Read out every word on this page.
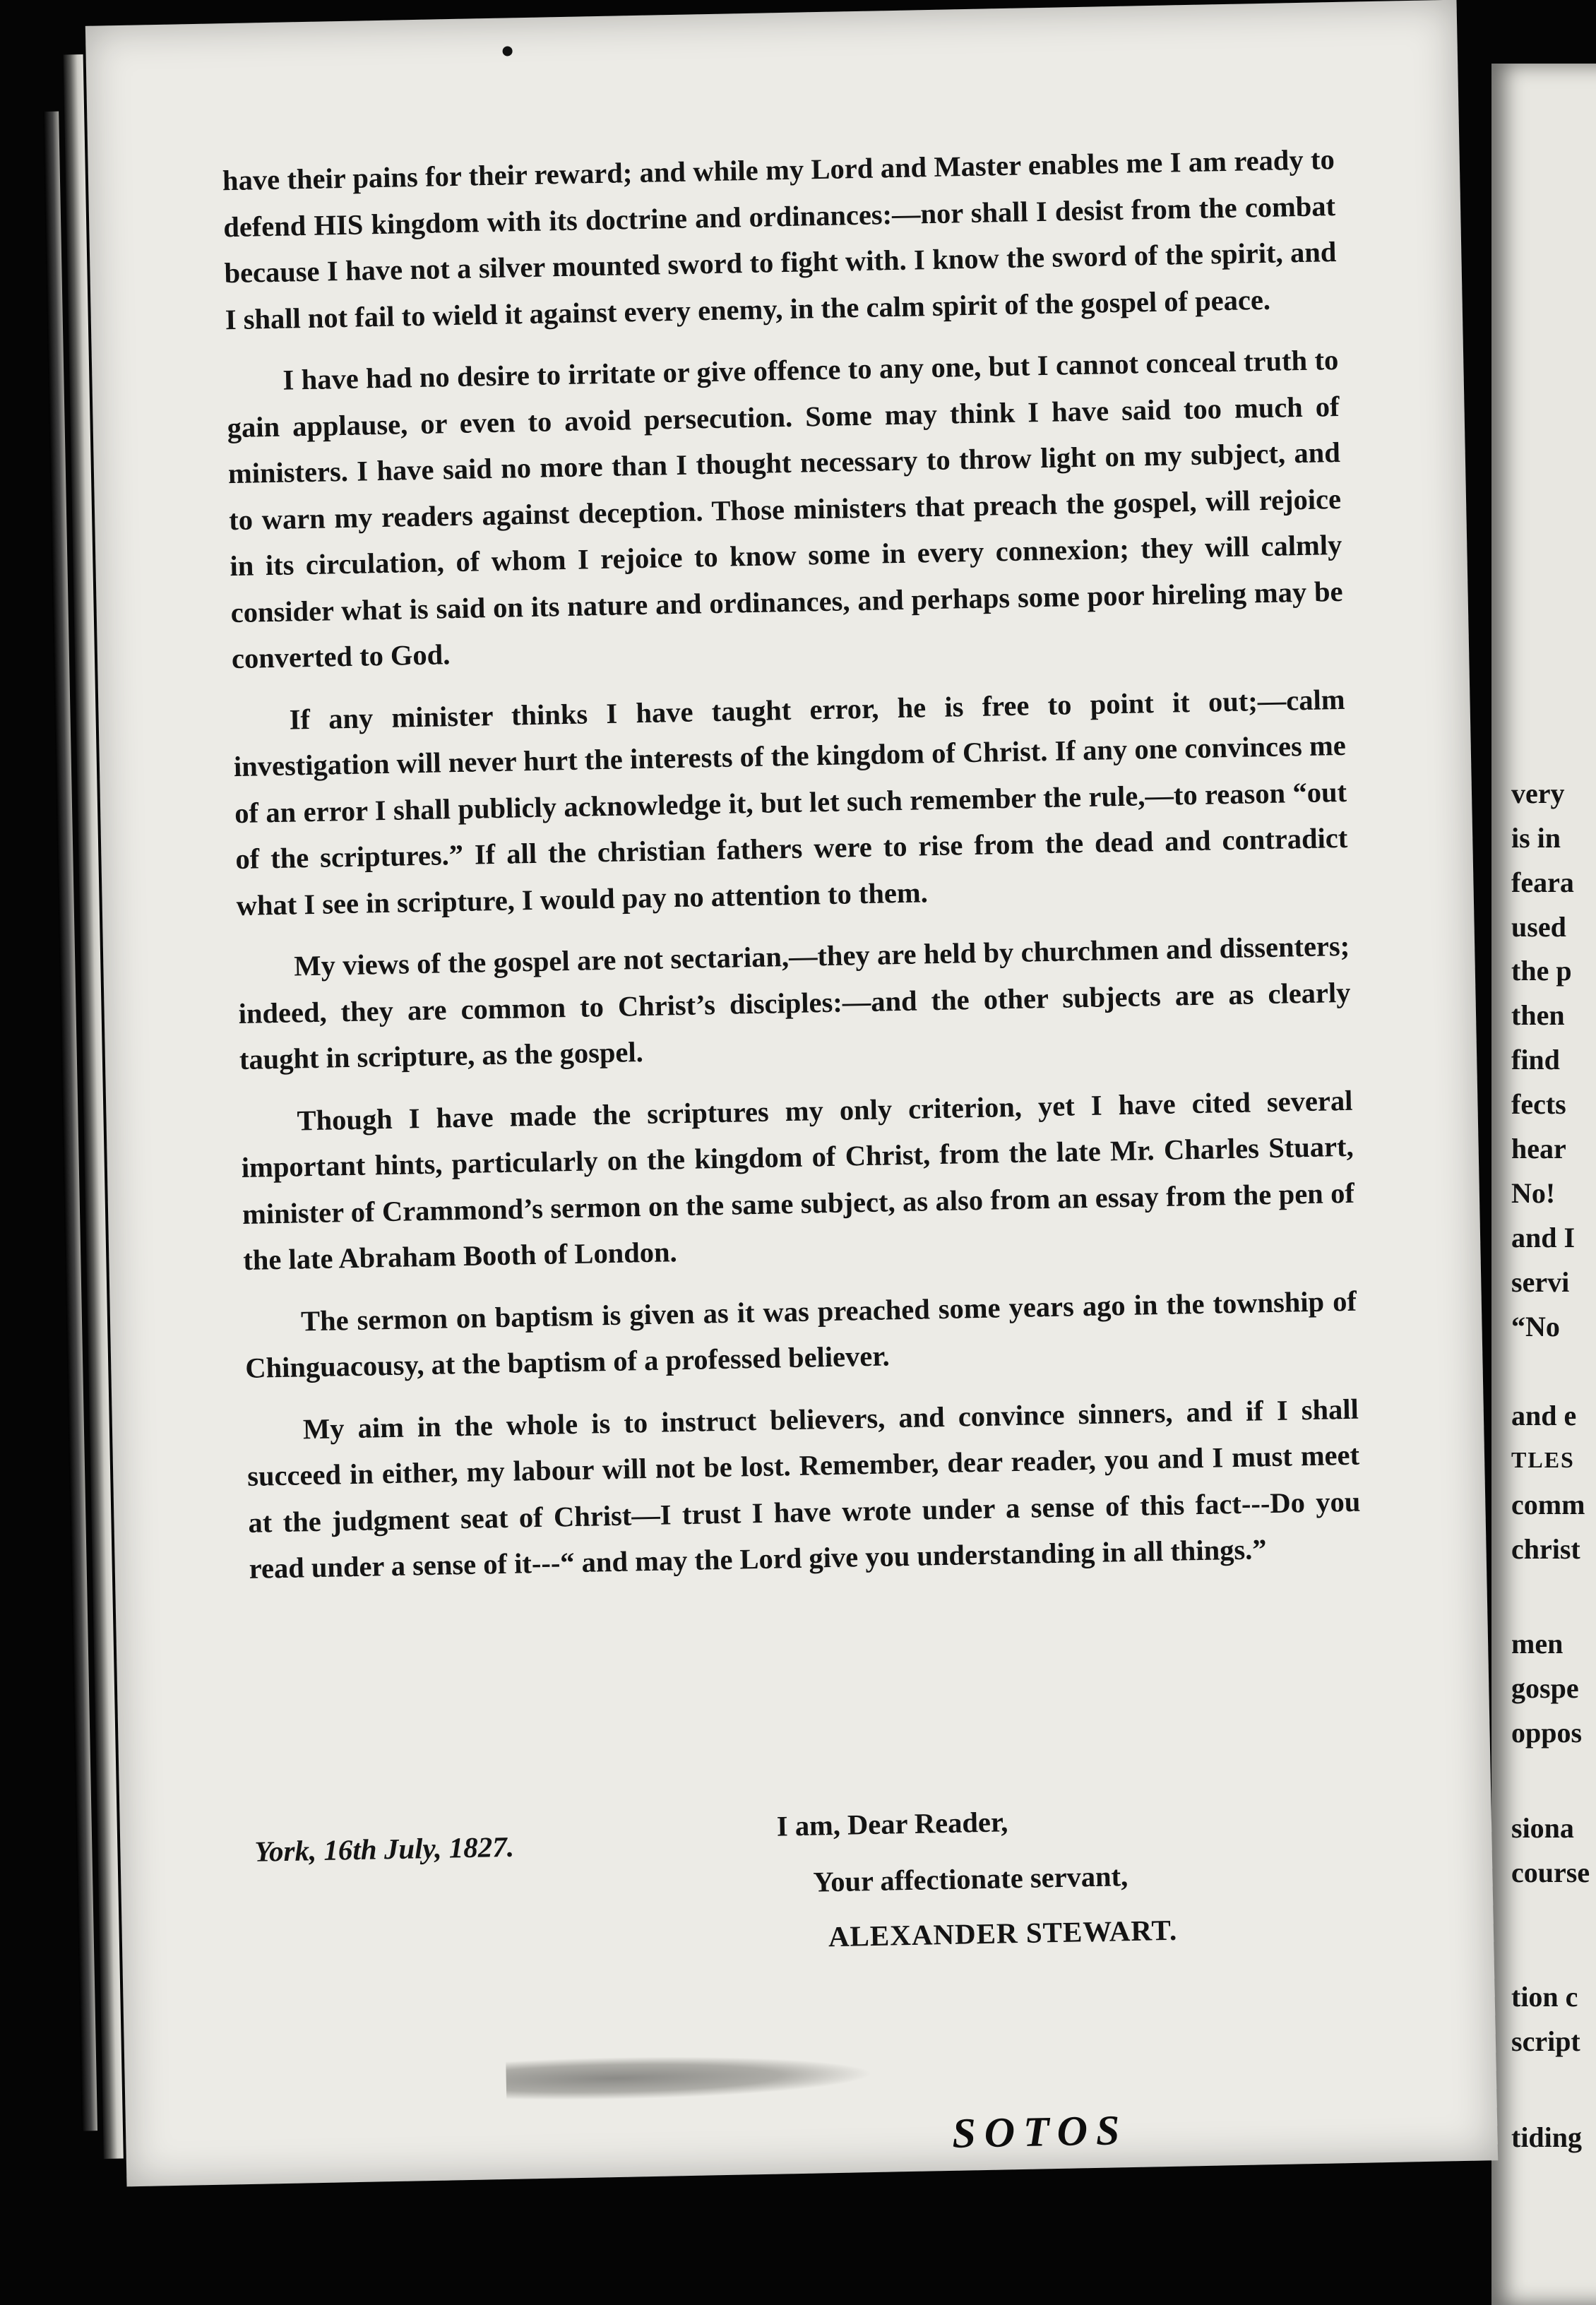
very
is in
feara
used
the p
then
find
fects
hear
No!
and I
servi
“No
and e
TLES
comm
christ
men
gospe
oppos
siona
course
tion c
script
tiding

have their pains for their reward; and while my Lord and Master enables me I am ready to defend HIS kingdom with its doctrine and ordinances:—nor shall I desist from the combat because I have not a silver mounted sword to fight with. I know the sword of the spirit, and I shall not fail to wield it against every enemy, in the calm spirit of the gospel of peace.

I have had no desire to irritate or give offence to any one, but I cannot conceal truth to gain applause, or even to avoid persecution. Some may think I have said too much of ministers. I have said no more than I thought necessary to throw light on my subject, and to warn my readers against deception. Those ministers that preach the gospel, will rejoice in its circulation, of whom I rejoice to know some in every connexion; they will calmly consider what is said on its nature and ordinances, and perhaps some poor hireling may be converted to God.

If any minister thinks I have taught error, he is free to point it out;—calm investigation will never hurt the interests of the kingdom of Christ. If any one convinces me of an error I shall publicly acknowledge it, but let such remember the rule,—to reason “out of the scriptures.” If all the christian fathers were to rise from the dead and contradict what I see in scripture, I would pay no attention to them.

My views of the gospel are not sectarian,—they are held by churchmen and dissenters; indeed, they are common to Christ’s disciples:—and the other subjects are as clearly taught in scripture, as the gospel.

Though I have made the scriptures my only criterion, yet I have cited several important hints, particularly on the kingdom of Christ, from the late Mr. Charles Stuart, minister of Crammond’s sermon on the same subject, as also from an essay from the pen of the late Abraham Booth of London.

The sermon on baptism is given as it was preached some years ago in the township of Chinguacousy, at the baptism of a professed believer.

My aim in the whole is to instruct believers, and convince sinners, and if I shall succeed in either, my labour will not be lost. Remember, dear reader, you and I must meet at the judgment seat of Christ—I trust I have wrote under a sense of this fact---Do you read under a sense of it---“ and may the Lord give you understanding in all things.”

I am, Dear Reader,
Your affectionate servant,
ALEXANDER STEWART.
York, 16th July, 1827.
SOTOS
